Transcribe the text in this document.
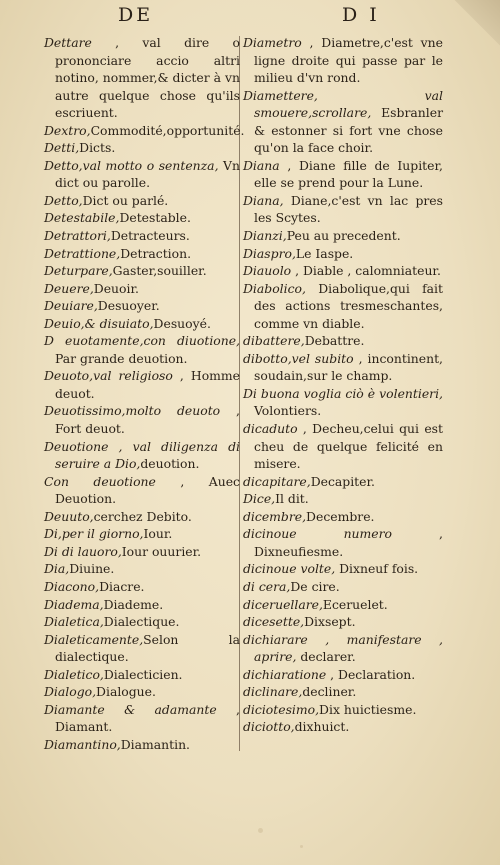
DE	D I

Dettare , val dire o prononciare accio altri notino, nommer,& dicter à vn autre quelque chose qu'ils escriuent.

Dextro,Commodité,opportunité.

Detti,Dicts.

Detto,val motto o sentenza, Vn dict ou parolle.

Detto,Dict ou parlé.

Detestabile,Detestable.

Detrattori,Detracteurs.

Detrattione,Detraction.

Deturpare,Gaster,souiller.

Deuere,Deuoir.

Deuiare,Desuoyer.

Deuio,& disuiato,Desuoyé.

D euotamente,con diuotione, Par grande deuotion.

Deuoto,val religioso , Homme deuot.

Deuotissimo,molto deuoto , Fort deuot.

Deuotione , val diligenza di seruire a Dio,deuotion.

Con deuotione , Auec Deuotion.

Deuuto,cerchez Debito.

Di,per il giorno,Iour.

Di di lauoro,Iour ouurier.

Dia,Diuine.

Diacono,Diacre.

Diadema,Diademe.

Dialetica,Dialectique.

Dialeticamente,Selon la dialectique.

Dialetico,Dialecticien.

Dialogo,Dialogue.

Diamante & adamante , Diamant.

Diamantino,Diamantin.

Diametro , Diametre,c'est vne ligne droite qui passe par le milieu d'vn rond.

Diamettere, val smouere,scrollare, Esbranler & estonner si fort vne chose qu'on la face choir.

Diana , Diane fille de Iupiter, elle se prend pour la Lune.

Diana, Diane,c'est vn lac pres les Scytes.

Dianzi,Peu au precedent.

Diaspro,Le Iaspe.

Diauolo , Diable , calomniateur.

Diabolico, Diabolique,qui fait des actions tresmeschantes, comme vn diable.

dibattere,Debattre.

dibotto,vel subito , incontinent, soudain,sur le champ.

Di buona voglia ciò è volentieri, Volontiers.

dicaduto , Decheu,celui qui est cheu de quelque felicité en misere.

dicapitare,Decapiter.

Dice,Il dit.

dicembre,Decembre.

dicinoue numero , Dixneufiesme.

dicinoue volte, Dixneuf fois.

di cera,De cire.

diceruellare,Eceruelet.

dicesette,Dixsept.

dichiarare , manifestare , aprire, declarer.

dichiaratione , Declaration.

diclinare,decliner.

diciotesimo,Dix huictiesme.

diciotto,dixhuict.
